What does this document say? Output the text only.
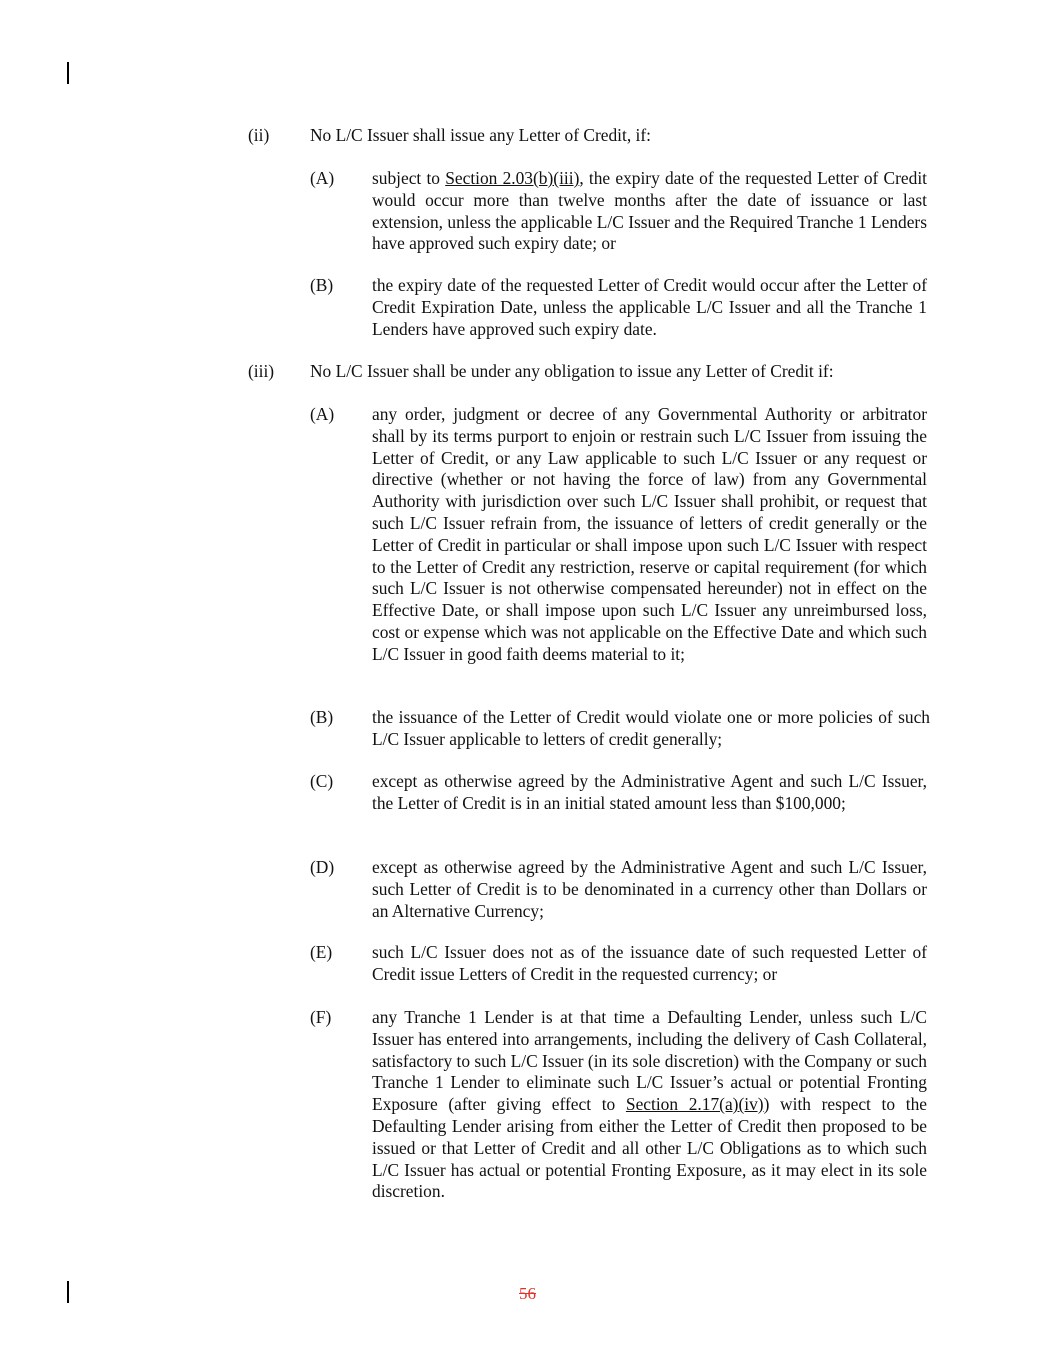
(ii) No L/C Issuer shall issue any Letter of Credit, if:
(A) subject to Section 2.03(b)(iii), the expiry date of the requested Letter of Credit would occur more than twelve months after the date of issuance or last extension, unless the applicable L/C Issuer and the Required Tranche 1 Lenders have approved such expiry date; or
(B) the expiry date of the requested Letter of Credit would occur after the Letter of Credit Expiration Date, unless the applicable L/C Issuer and all the Tranche 1 Lenders have approved such expiry date.
(iii) No L/C Issuer shall be under any obligation to issue any Letter of Credit if:
(A) any order, judgment or decree of any Governmental Authority or arbitrator shall by its terms purport to enjoin or restrain such L/C Issuer from issuing the Letter of Credit, or any Law applicable to such L/C Issuer or any request or directive (whether or not having the force of law) from any Governmental Authority with jurisdiction over such L/C Issuer shall prohibit, or request that such L/C Issuer refrain from, the issuance of letters of credit generally or the Letter of Credit in particular or shall impose upon such L/C Issuer with respect to the Letter of Credit any restriction, reserve or capital requirement (for which such L/C Issuer is not otherwise compensated hereunder) not in effect on the Effective Date, or shall impose upon such L/C Issuer any unreimbursed loss, cost or expense which was not applicable on the Effective Date and which such L/C Issuer in good faith deems material to it;
(B) the issuance of the Letter of Credit would violate one or more policies of such L/C Issuer applicable to letters of credit generally;
(C) except as otherwise agreed by the Administrative Agent and such L/C Issuer, the Letter of Credit is in an initial stated amount less than $100,000;
(D) except as otherwise agreed by the Administrative Agent and such L/C Issuer, such Letter of Credit is to be denominated in a currency other than Dollars or an Alternative Currency;
(E) such L/C Issuer does not as of the issuance date of such requested Letter of Credit issue Letters of Credit in the requested currency; or
(F) any Tranche 1 Lender is at that time a Defaulting Lender, unless such L/C Issuer has entered into arrangements, including the delivery of Cash Collateral, satisfactory to such L/C Issuer (in its sole discretion) with the Company or such Tranche 1 Lender to eliminate such L/C Issuer’s actual or potential Fronting Exposure (after giving effect to Section 2.17(a)(iv)) with respect to the Defaulting Lender arising from either the Letter of Credit then proposed to be issued or that Letter of Credit and all other L/C Obligations as to which such L/C Issuer has actual or potential Fronting Exposure, as it may elect in its sole discretion.
56
